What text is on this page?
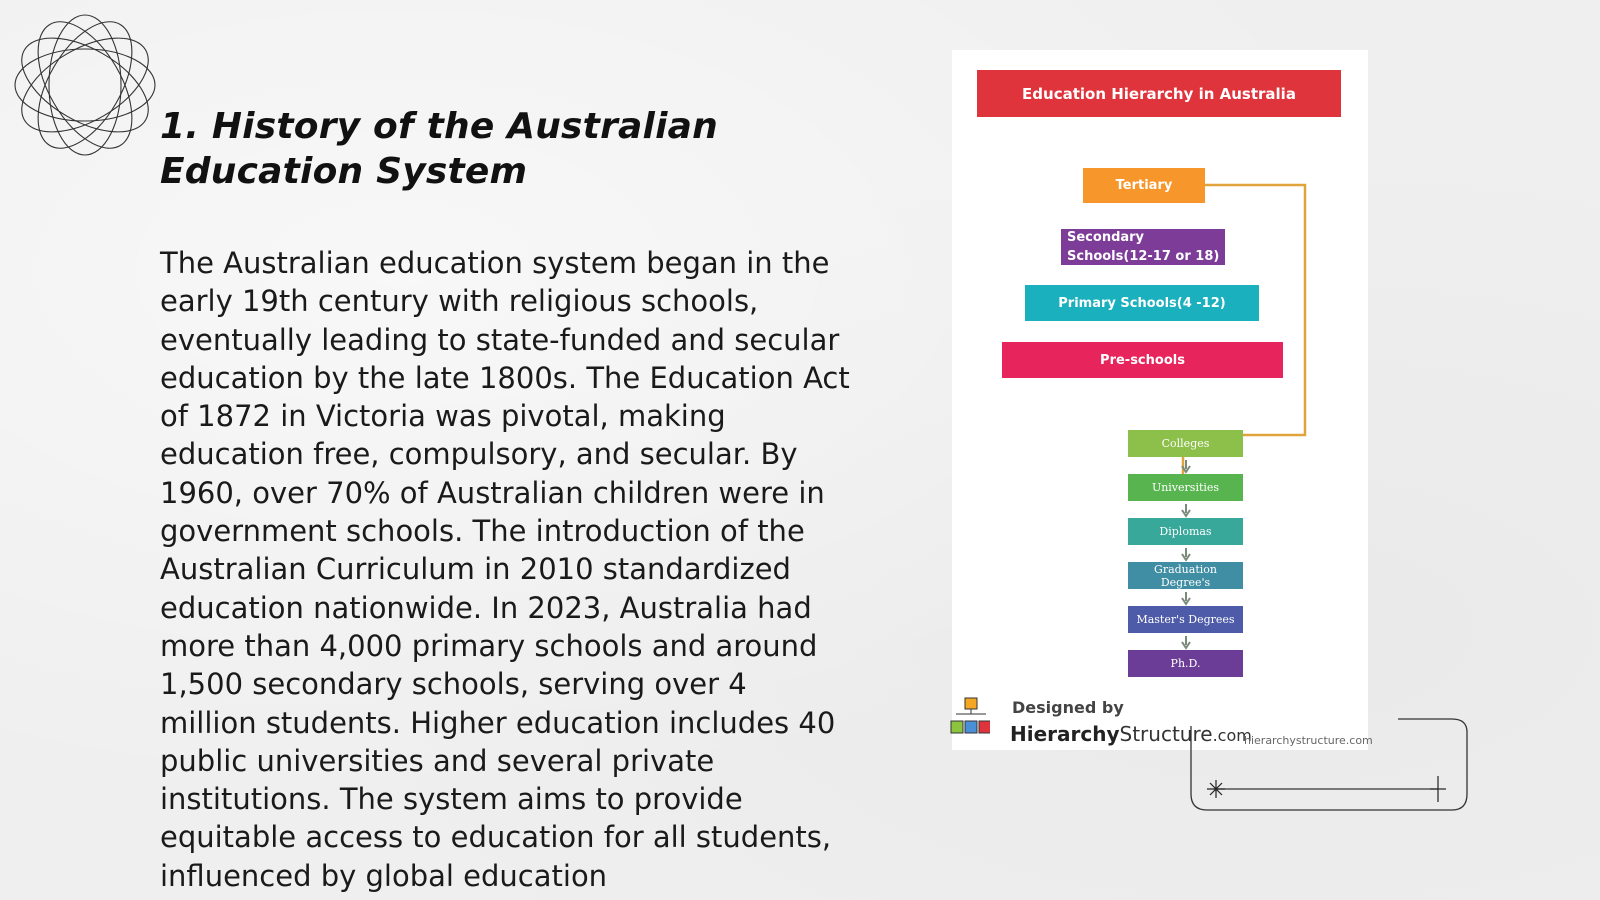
1. History of the Australian Education System

The Australian education system began in the early 19th century with religious schools, eventually leading to state-funded and secular education by the late 1800s. The Education Act of 1872 in Victoria was pivotal, making education free, compulsory, and secular. By 1960, over 70% of Australian children were in government schools. The introduction of the Australian Curriculum in 2010 standardized education nationwide. In 2023, Australia had more than 4,000 primary schools and around 1,500 secondary schools, serving over 4 million students. Higher education includes 40 public universities and several private institutions. The system aims to provide equitable access to education for all students, influenced by global education

Education Hierarchy in Australia
Tertiary
Secondary Schools(12-17 or 18)
Primary Schools(4 -12)
Pre-schools
Colleges
Universities
Diplomas
Graduation Degree's
Master's Degrees
Ph.D.
Designed by
HierarchyStructure.com
hierarchystructure.com
